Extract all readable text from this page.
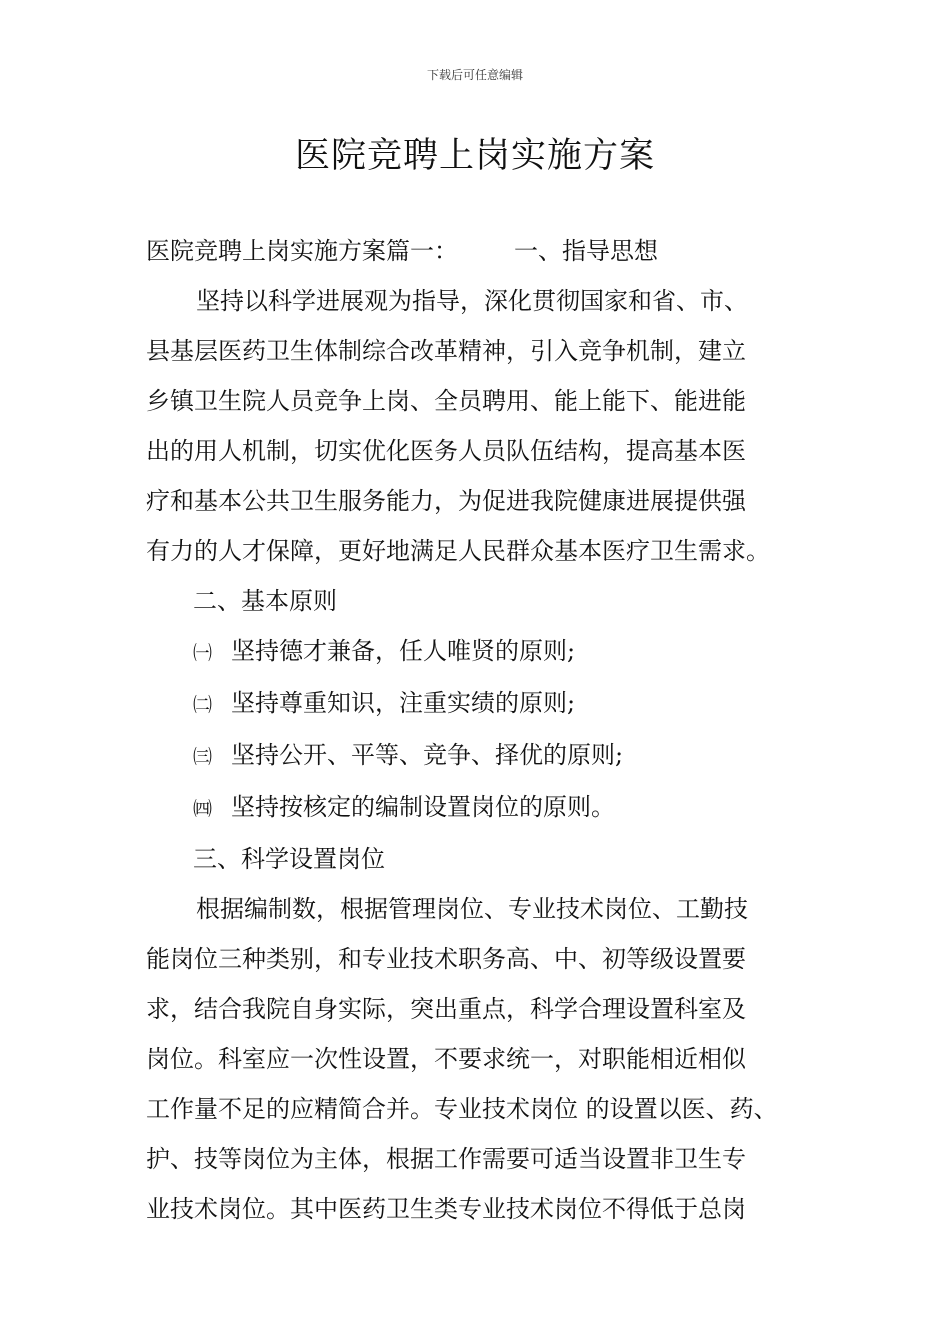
下载后可任意编辑
医院竞聘上岗实施方案

医院竞聘上岗实施方案篇一： 一、指导思想

坚持以科学进展观为指导，深化贯彻国家和省、市、

县基层医药卫生体制综合改革精神，引入竞争机制，建立

乡镇卫生院人员竞争上岗、全员聘用、能上能下、能进能

出的用人机制，切实优化医务人员队伍结构，提高基本医

疗和基本公共卫生服务能力，为促进我院健康进展提供强

有力的人才保障，更好地满足人民群众基本医疗卫生需求。

二、基本原则

㈠ 坚持德才兼备，任人唯贤的原则;

㈡ 坚持尊重知识，注重实绩的原则;

㈢ 坚持公开、平等、竞争、择优的原则;

㈣ 坚持按核定的编制设置岗位的原则。

三、科学设置岗位

根据编制数，根据管理岗位、专业技术岗位、工勤技

能岗位三种类别，和专业技术职务高、中、初等级设置要

求，结合我院自身实际，突出重点，科学合理设置科室及

岗位。科室应一次性设置，不要求统一，对职能相近相似

工作量不足的应精简合并。专业技术岗位 的设置以医、药、

护、技等岗位为主体，根据工作需要可适当设置非卫生专

业技术岗位。其中医药卫生类专业技术岗位不得低于总岗
